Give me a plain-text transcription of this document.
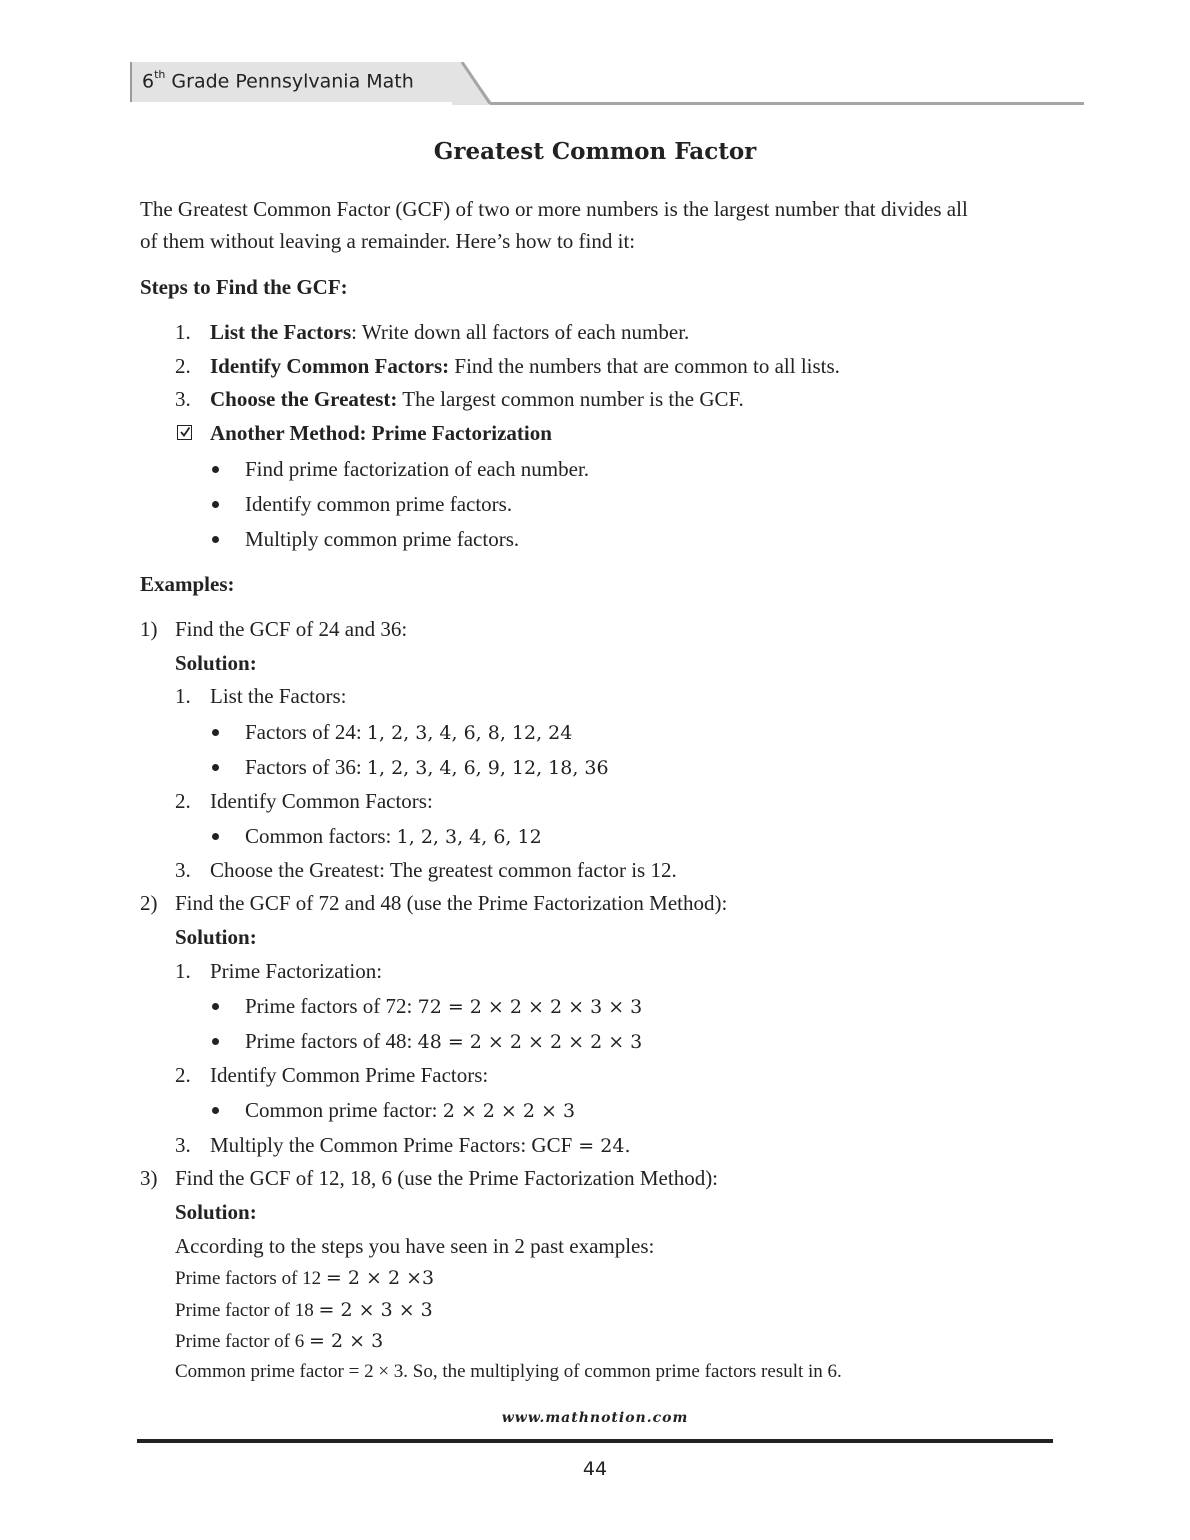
6th Grade Pennsylvania Math
Greatest Common Factor
The Greatest Common Factor (GCF) of two or more numbers is the largest number that divides all
of them without leaving a remainder. Here’s how to find it:
Steps to Find the GCF:
1. List the Factors: Write down all factors of each number.
2. Identify Common Factors: Find the numbers that are common to all lists.
3. Choose the Greatest: The largest common number is the GCF.
Another Method: Prime Factorization
Find prime factorization of each number.
Identify common prime factors.
Multiply common prime factors.
Examples:
1) Find the GCF of 24 and 36:
Solution:
1. List the Factors:
Factors of 24: 1, 2, 3, 4, 6, 8, 12, 24
Factors of 36: 1, 2, 3, 4, 6, 9, 12, 18, 36
2. Identify Common Factors:
Common factors: 1, 2, 3, 4, 6, 12
3. Choose the Greatest: The greatest common factor is 12.
2) Find the GCF of 72 and 48 (use the Prime Factorization Method):
Solution:
1. Prime Factorization:
Prime factors of 72: 72 = 2 × 2 × 2 × 3 × 3
Prime factors of 48: 48 = 2 × 2 × 2 × 2 × 3
2. Identify Common Prime Factors:
Common prime factor: 2 × 2 × 2 × 3
3. Multiply the Common Prime Factors: GCF = 24.
3) Find the GCF of 12, 18, 6 (use the Prime Factorization Method):
Solution:
According to the steps you have seen in 2 past examples:
Prime factors of 12 = 2 × 2 ×3
Prime factor of 18 = 2 × 3 × 3
Prime factor of 6 = 2 × 3
Common prime factor = 2 × 3. So, the multiplying of common prime factors result in 6.
www.mathnotion.com
44
